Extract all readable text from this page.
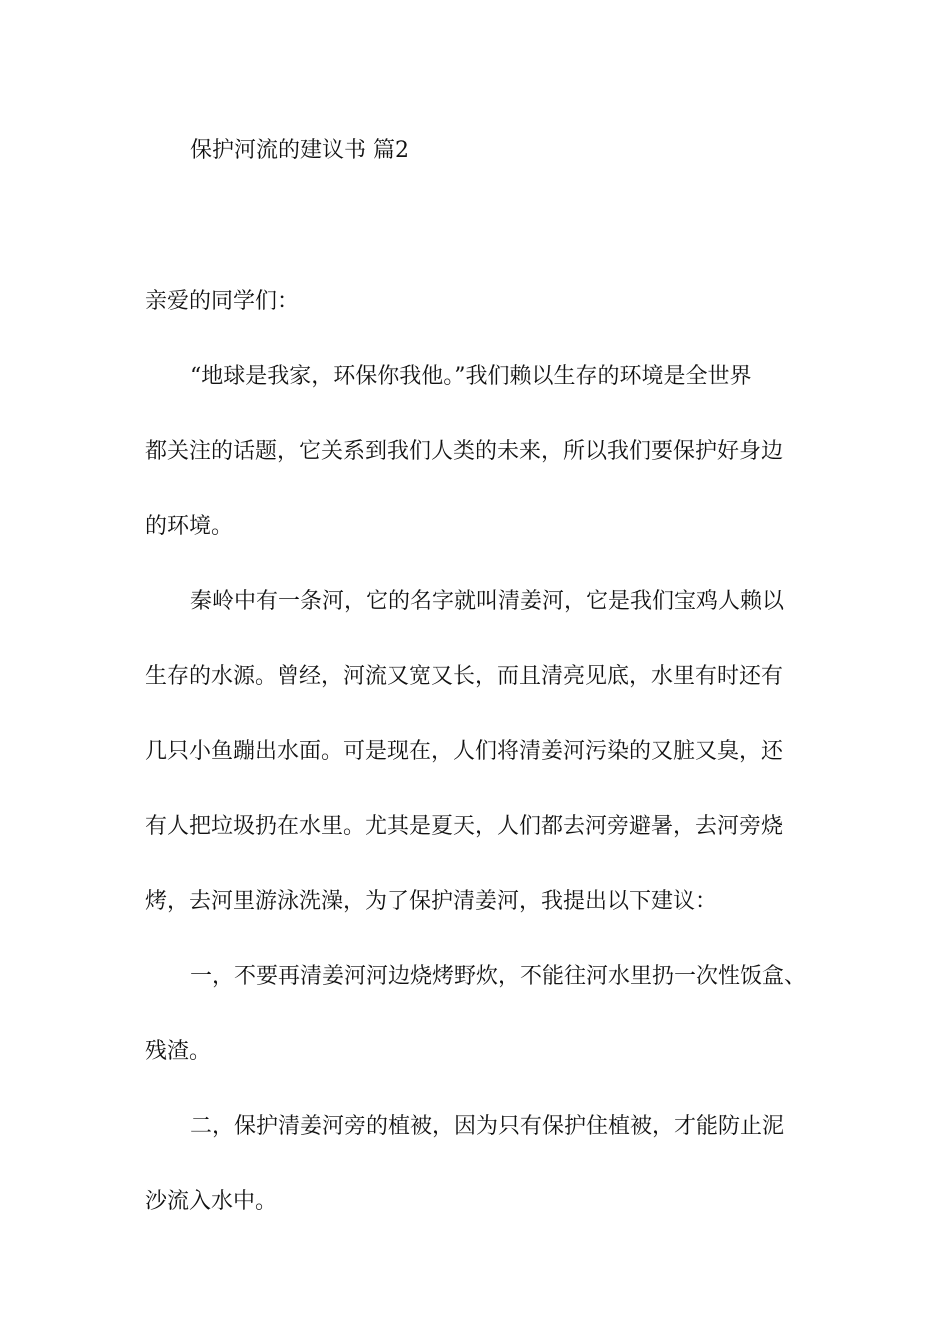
保护河流的建议书 篇2
亲爱的同学们：
“地球是我家，环保你我他。”我们赖以生存的环境是全世界
都关注的话题，它关系到我们人类的未来，所以我们要保护好身边
的环境。
秦岭中有一条河，它的名字就叫清姜河，它是我们宝鸡人赖以
生存的水源。曾经，河流又宽又长，而且清亮见底，水里有时还有
几只小鱼蹦出水面。可是现在，人们将清姜河污染的又脏又臭，还
有人把垃圾扔在水里。尤其是夏天，人们都去河旁避暑，去河旁烧
烤，去河里游泳洗澡，为了保护清姜河，我提出以下建议：
一，不要再清姜河河边烧烤野炊，不能往河水里扔一次性饭盒、
残渣。
二，保护清姜河旁的植被，因为只有保护住植被，才能防止泥
沙流入水中。
